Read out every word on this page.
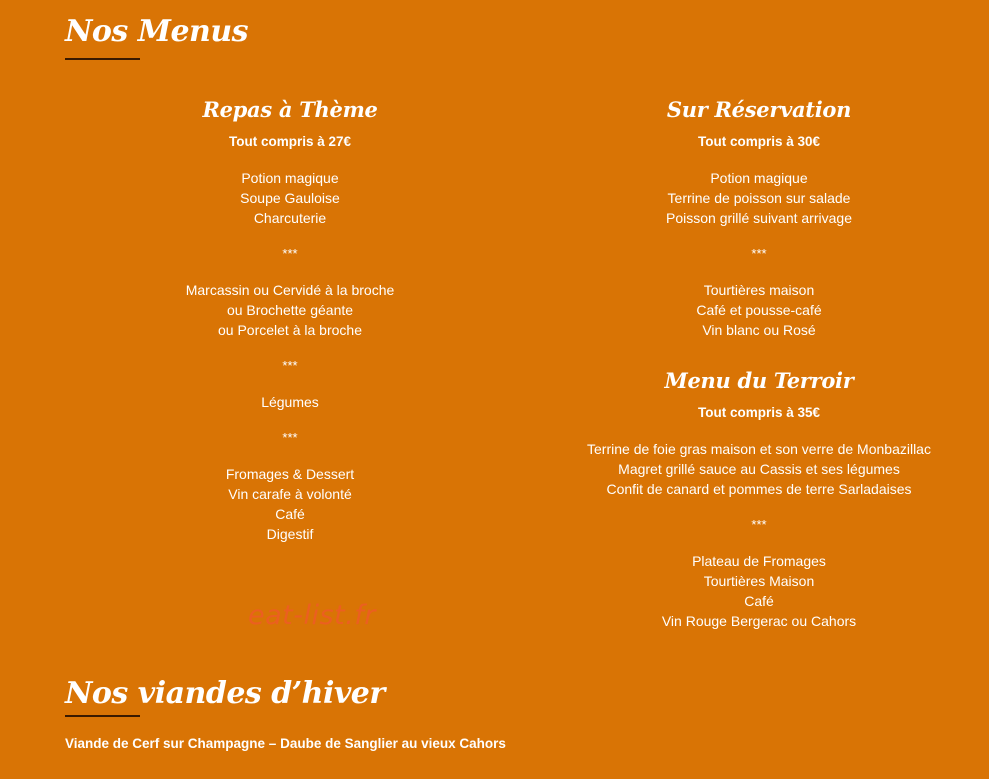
Nos Menus
Repas à Thème
Tout compris à 27€
Potion magique
Soupe Gauloise
Charcuterie
***
Marcassin ou Cervidé à la broche
ou Brochette géante
ou Porcelet à la broche
***
Légumes
***
Fromages & Dessert
Vin carafe à volonté
Café
Digestif
Sur Réservation
Tout compris à 30€
Potion magique
Terrine de poisson sur salade
Poisson grillé suivant arrivage
***
Tourtières maison
Café et pousse-café
Vin blanc ou Rosé
Menu du Terroir
Tout compris à 35€
Terrine de foie gras maison et son verre de Monbazillac
Magret grillé sauce au Cassis et ses légumes
Confit de canard et pommes de terre Sarladaises
***
Plateau de Fromages
Tourtières Maison
Café
Vin Rouge Bergerac ou Cahors
eat-list.fr
Nos viandes d’hiver
Viande de Cerf sur Champagne – Daube de Sanglier au vieux Cahors
